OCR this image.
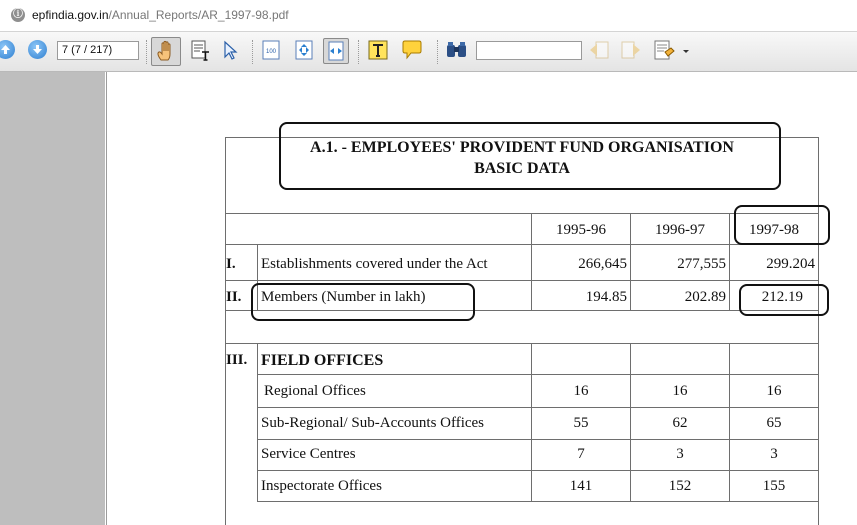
ⓘ epfindia.gov.in/Annual_Reports/AR_1997-98.pdf
7 (7 / 217)	100
A.1. - EMPLOYEES' PROVIDENT FUND ORGANISATION
BASIC DATA
1995-96	1996-97	1997-98
I. Establishments covered under the Act	266,645	277,555	299.204
II. Members (Number in lakh)	194.85	202.89	212.19
III. FIELD OFFICES
Regional Offices	16	16	16
Sub-Regional/ Sub-Accounts Offices	55	62	65
Service Centres	7	3	3
Inspectorate Offices	141	152	155
